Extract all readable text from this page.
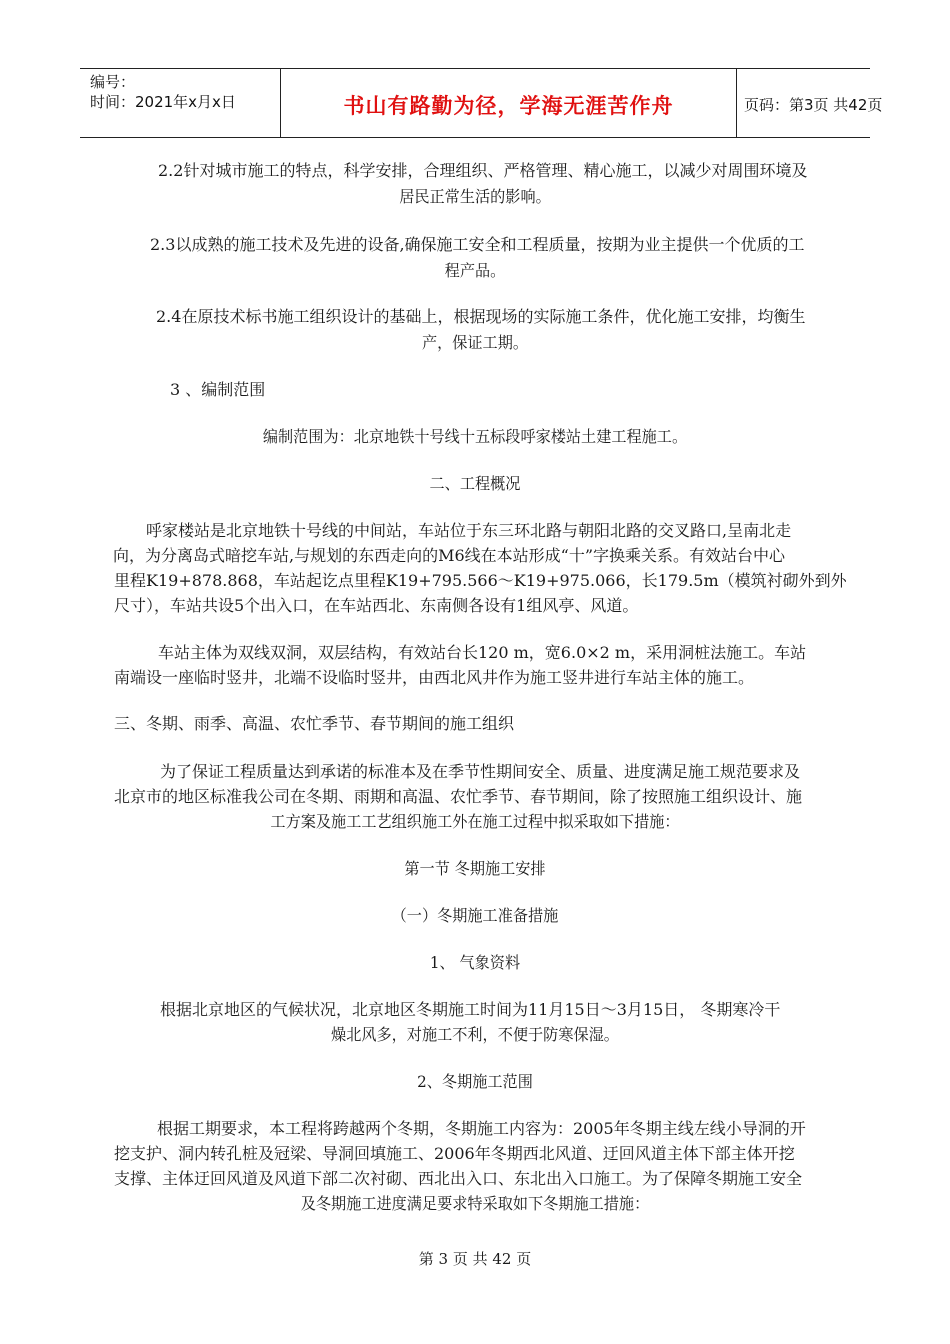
编号：
时间：2021年x月x日	书山有路勤为径，学海无涯苦作舟	页码：第3页 共42页
2.2针对城市施工的特点，科学安排，合理组织、严格管理、精心施工，以减少对周围环境及
居民正常生活的影响。
2.3以成熟的施工技术及先进的设备,确保施工安全和工程质量，按期为业主提供一个优质的工
程产品。
2.4在原技术标书施工组织设计的基础上，根据现场的实际施工条件，优化施工安排，均衡生
产，保证工期。
3 、编制范围
编制范围为：北京地铁十号线十五标段呼家楼站土建工程施工。
二、工程概况
呼家楼站是北京地铁十号线的中间站，车站位于东三环北路与朝阳北路的交叉路口,呈南北走
向，为分离岛式暗挖车站,与规划的东西走向的M6线在本站形成“十”字换乘关系。有效站台中心
里程K19+878.868，车站起讫点里程K19+795.566～K19+975.066，长179.5m（模筑衬砌外到外
尺寸），车站共设5个出入口，在车站西北、东南侧各设有1组风亭、风道。
车站主体为双线双洞，双层结构，有效站台长120 m，宽6.0×2 m，采用洞桩法施工。车站
南端设一座临时竖井，北端不设临时竖井，由西北风井作为施工竖井进行车站主体的施工。
三、冬期、雨季、高温、农忙季节、春节期间的施工组织
为了保证工程质量达到承诺的标准本及在季节性期间安全、质量、进度满足施工规范要求及
北京市的地区标准我公司在冬期、雨期和高温、农忙季节、春节期间，除了按照施工组织设计、施
工方案及施工工艺组织施工外在施工过程中拟采取如下措施：
第一节 冬期施工安排
（一）冬期施工准备措施
1、 气象资料
根据北京地区的气候状况，北京地区冬期施工时间为11月15日～3月15日， 冬期寒冷干
燥北风多，对施工不利，不便于防寒保湿。
2、冬期施工范围
根据工期要求，本工程将跨越两个冬期，冬期施工内容为：2005年冬期主线左线小导洞的开
挖支护、洞内转孔桩及冠梁、导洞回填施工、2006年冬期西北风道、迂回风道主体下部主体开挖
支撑、主体迂回风道及风道下部二次衬砌、西北出入口、东北出入口施工。为了保障冬期施工安全
及冬期施工进度满足要求特采取如下冬期施工措施：
第 3 页 共 42 页
